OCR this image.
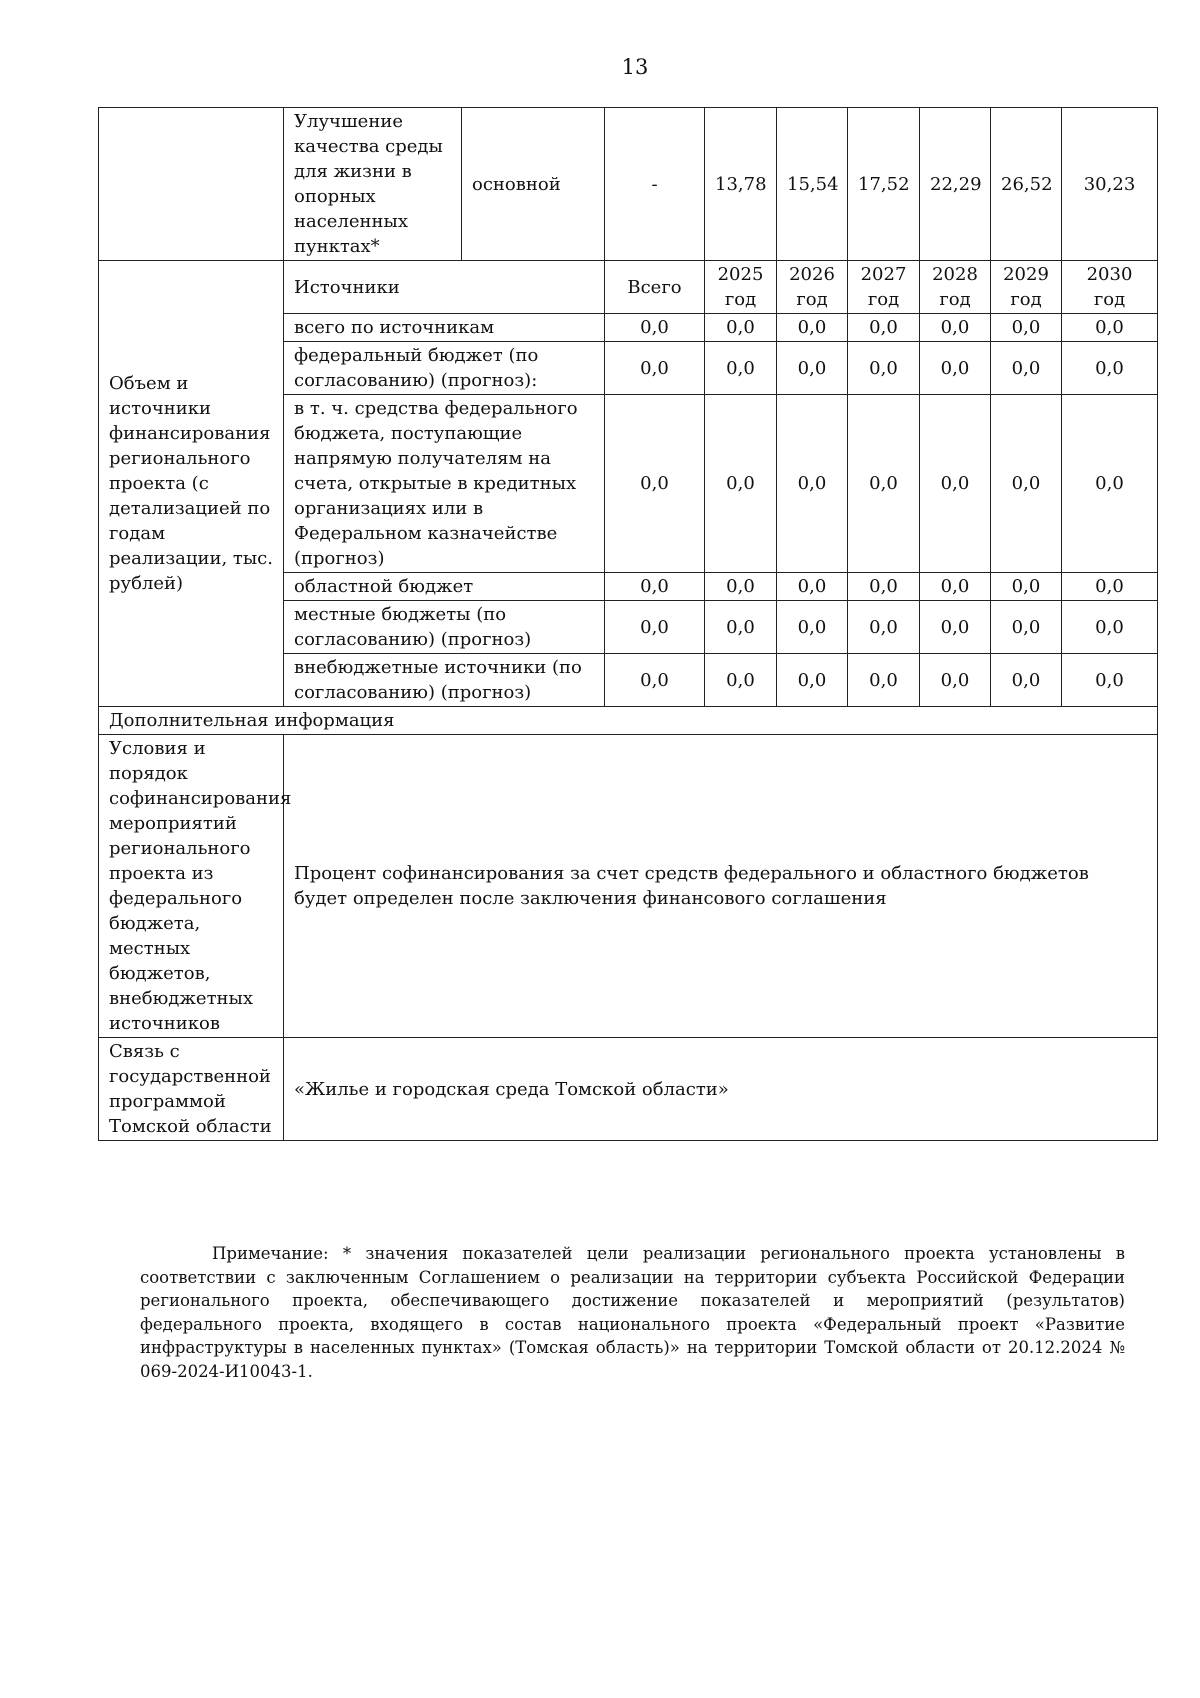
13
	Улучшение качества среды для жизни в опорных населенных пунктах*	основной	-	13,78	15,54	17,52	22,29	26,52	30,23
Объем и источники финансирования регионального проекта (с детализацией по годам реализации, тыс. рублей)	Источники		Всего	2025 год	2026 год	2027 год	2028 год	2029 год	2030 год
	всего по источникам		0,0	0,0	0,0	0,0	0,0	0,0	0,0
	федеральный бюджет (по согласованию) (прогноз):		0,0	0,0	0,0	0,0	0,0	0,0	0,0
	в т. ч. средства федерального бюджета, поступающие напрямую получателям на счета, открытые в кредитных организациях или в Федеральном казначействе (прогноз)		0,0	0,0	0,0	0,0	0,0	0,0	0,0
	областной бюджет		0,0	0,0	0,0	0,0	0,0	0,0	0,0
	местные бюджеты (по согласованию) (прогноз)		0,0	0,0	0,0	0,0	0,0	0,0	0,0
	внебюджетные источники (по согласованию) (прогноз)		0,0	0,0	0,0	0,0	0,0	0,0	0,0
Дополнительная информация									
Условия и порядок софинансирования мероприятий регионального проекта из федерального бюджета, местных бюджетов, внебюджетных источников	Процент софинансирования за счет средств федерального и областного бюджетов будет определен после заключения финансового соглашения								
Связь с государственной программой Томской области	«Жилье и городская среда Томской области»								

Примечание: * значения показателей цели реализации регионального проекта установлены в соответствии с заключенным Соглашением о реализации на территории субъекта Российской Федерации регионального проекта, обеспечивающего достижение показателей и мероприятий (результатов) федерального проекта, входящего в состав национального проекта «Федеральный проект «Развитие инфраструктуры в населенных пунктах» (Томская область)» на территории Томской области от 20.12.2024 № 069-2024-И10043-1.
